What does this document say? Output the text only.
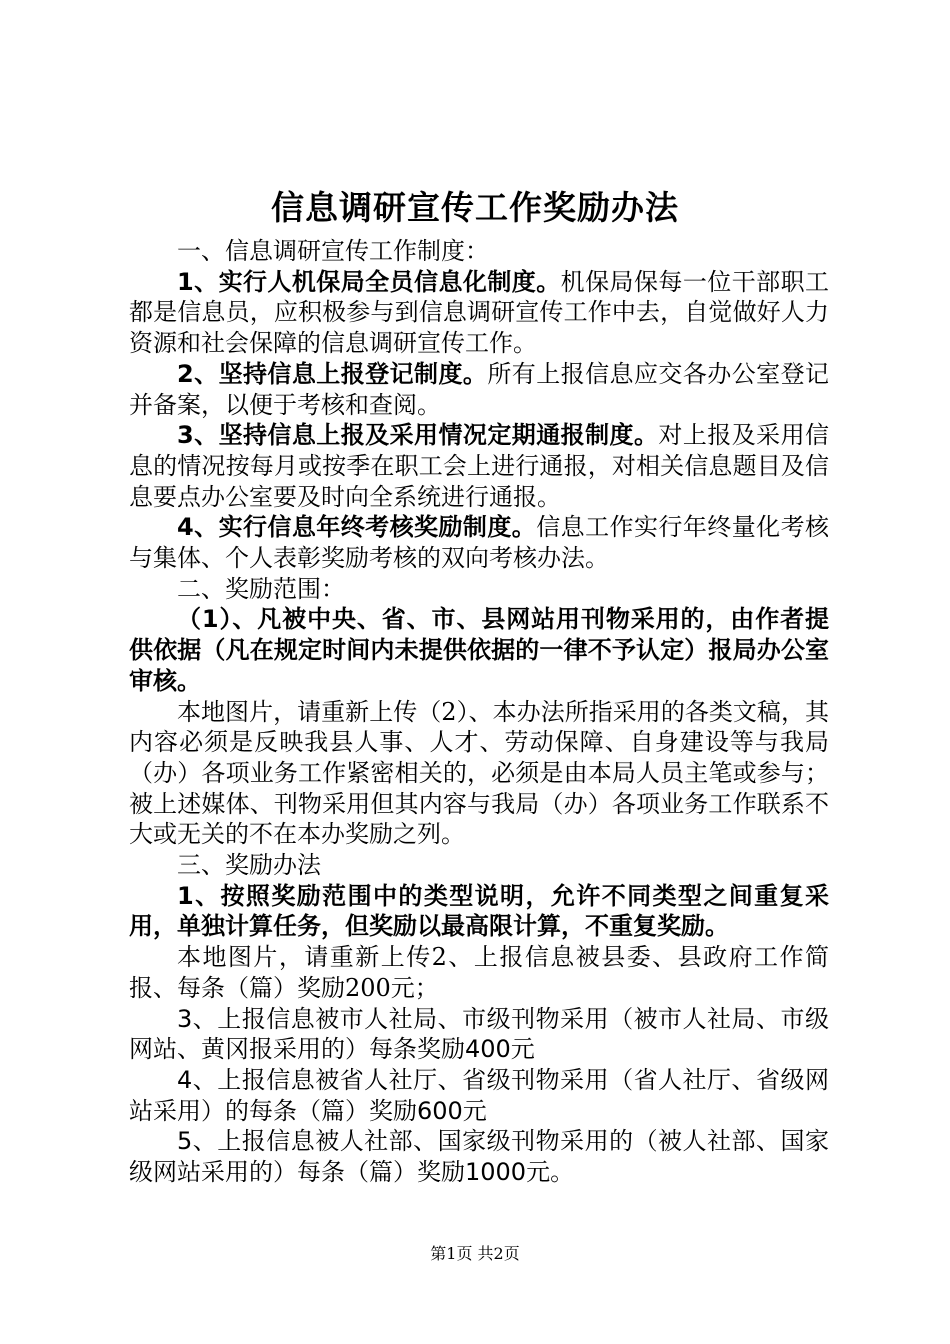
信息调研宣传工作奖励办法

一、信息调研宣传工作制度：

1、实行人机保局全员信息化制度。机保局保每一位干部职工都是信息员，应积极参与到信息调研宣传工作中去，自觉做好人力资源和社会保障的信息调研宣传工作。

2、坚持信息上报登记制度。所有上报信息应交各办公室登记并备案，以便于考核和查阅。

3、坚持信息上报及采用情况定期通报制度。对上报及采用信息的情况按每月或按季在职工会上进行通报，对相关信息题目及信息要点办公室要及时向全系统进行通报。

4、实行信息年终考核奖励制度。信息工作实行年终量化考核与集体、个人表彰奖励考核的双向考核办法。

二、奖励范围：

（1）、凡被中央、省、市、县网站用刊物采用的，由作者提供依据（凡在规定时间内未提供依据的一律不予认定）报局办公室审核。

本地图片，请重新上传（2）、本办法所指采用的各类文稿，其内容必须是反映我县人事、人才、劳动保障、自身建设等与我局（办）各项业务工作紧密相关的，必须是由本局人员主笔或参与；被上述媒体、刊物采用但其内容与我局（办）各项业务工作联系不大或无关的不在本办奖励之列。

三、奖励办法

1、按照奖励范围中的类型说明，允许不同类型之间重复采用，单独计算任务，但奖励以最高限计算，不重复奖励。

本地图片，请重新上传2、上报信息被县委、县政府工作简报、每条（篇）奖励200元；

3、上报信息被市人社局、市级刊物采用（被市人社局、市级网站、黄冈报采用的）每条奖励400元

4、上报信息被省人社厅、省级刊物采用（省人社厅、省级网站采用）的每条（篇）奖励600元

5、上报信息被人社部、国家级刊物采用的（被人社部、国家级网站采用的）每条（篇）奖励1000元。

第1页 共2页
